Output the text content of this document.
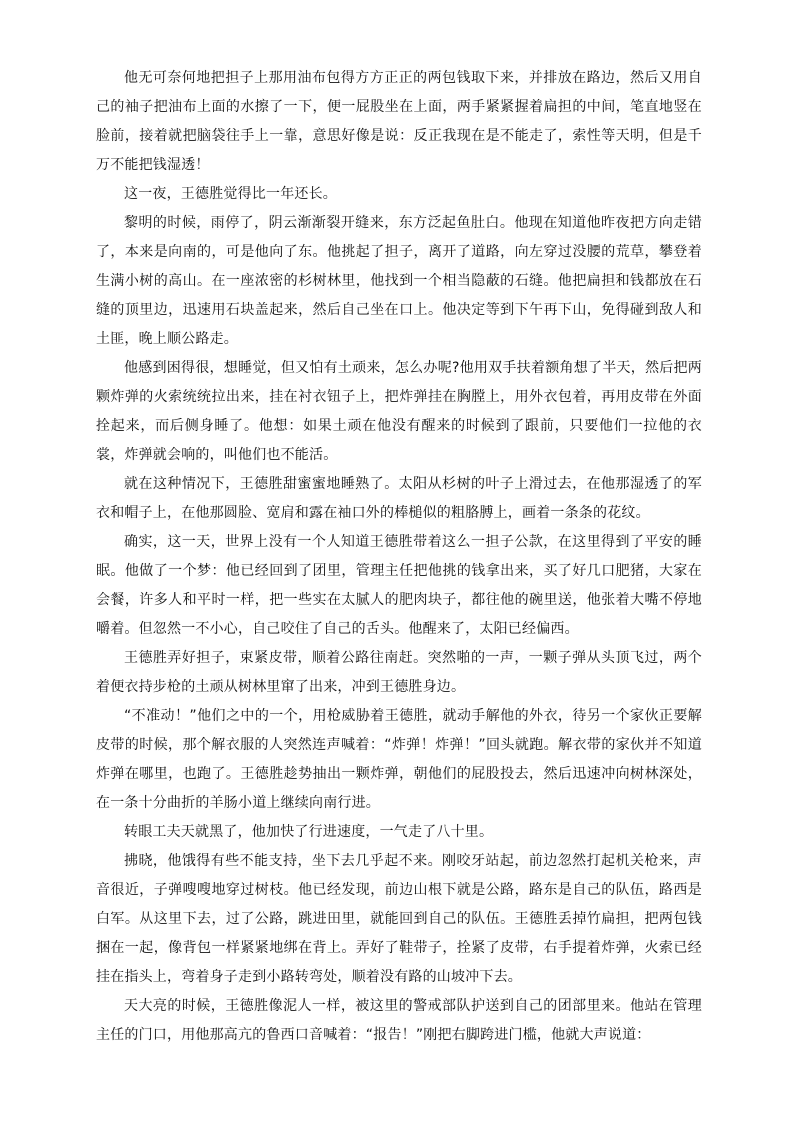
他无可奈何地把担子上那用油布包得方方正正的两包钱取下来，并排放在路边，然后又用自己的袖子把油布上面的水擦了一下，便一屁股坐在上面，两手紧紧握着扁担的中间，笔直地竖在脸前，接着就把脑袋往手上一靠，意思好像是说：反正我现在是不能走了，索性等天明，但是千万不能把钱湿透！

这一夜，王德胜觉得比一年还长。

黎明的时候，雨停了，阴云渐渐裂开缝来，东方泛起鱼肚白。他现在知道他昨夜把方向走错了，本来是向南的，可是他向了东。他挑起了担子，离开了道路，向左穿过没腰的荒草，攀登着生满小树的高山。在一座浓密的杉树林里，他找到一个相当隐蔽的石缝。他把扁担和钱都放在石缝的顶里边，迅速用石块盖起来，然后自己坐在口上。他决定等到下午再下山，免得碰到敌人和土匪，晚上顺公路走。

他感到困得很，想睡觉，但又怕有土顽来，怎么办呢?他用双手扶着额角想了半天，然后把两颗炸弹的火索统统拉出来，挂在衬衣钮子上，把炸弹挂在胸膛上，用外衣包着，再用皮带在外面拴起来，而后侧身睡了。他想：如果土顽在他没有醒来的时候到了跟前，只要他们一拉他的衣裳，炸弹就会响的，叫他们也不能活。

就在这种情况下，王德胜甜蜜蜜地睡熟了。太阳从杉树的叶子上滑过去，在他那湿透了的军衣和帽子上，在他那圆脸、宽肩和露在袖口外的棒槌似的粗胳膊上，画着一条条的花纹。

确实，这一天，世界上没有一个人知道王德胜带着这么一担子公款，在这里得到了平安的睡眠。他做了一个梦：他已经回到了团里，管理主任把他挑的钱拿出来，买了好几口肥猪，大家在会餐，许多人和平时一样，把一些实在太腻人的肥肉块子，都往他的碗里送，他张着大嘴不停地嚼着。但忽然一不小心，自己咬住了自己的舌头。他醒来了，太阳已经偏西。

王德胜弄好担子，束紧皮带，顺着公路往南赶。突然啪的一声，一颗子弹从头顶飞过，两个着便衣持步枪的土顽从树林里窜了出来，冲到王德胜身边。

“不准动！”他们之中的一个，用枪威胁着王德胜，就动手解他的外衣，待另一个家伙正要解皮带的时候，那个解衣服的人突然连声喊着：“炸弹！炸弹！”回头就跑。解衣带的家伙并不知道炸弹在哪里，也跑了。王德胜趁势抽出一颗炸弹，朝他们的屁股投去，然后迅速冲向树林深处，在一条十分曲折的羊肠小道上继续向南行进。

转眼工夫天就黑了，他加快了行进速度，一气走了八十里。

拂晓，他饿得有些不能支持，坐下去几乎起不来。刚咬牙站起，前边忽然打起机关枪来，声音很近，子弹嗖嗖地穿过树枝。他已经发现，前边山根下就是公路，路东是自己的队伍，路西是白军。从这里下去，过了公路，跳进田里，就能回到自己的队伍。王德胜丢掉竹扁担，把两包钱捆在一起，像背包一样紧紧地绑在背上。弄好了鞋带子，拴紧了皮带，右手提着炸弹，火索已经挂在指头上，弯着身子走到小路转弯处，顺着没有路的山坡冲下去。

天大亮的时候，王德胜像泥人一样，被这里的警戒部队护送到自己的团部里来。他站在管理主任的门口，用他那高亢的鲁西口音喊着：“报告！”刚把右脚跨进门槛，他就大声说道：
